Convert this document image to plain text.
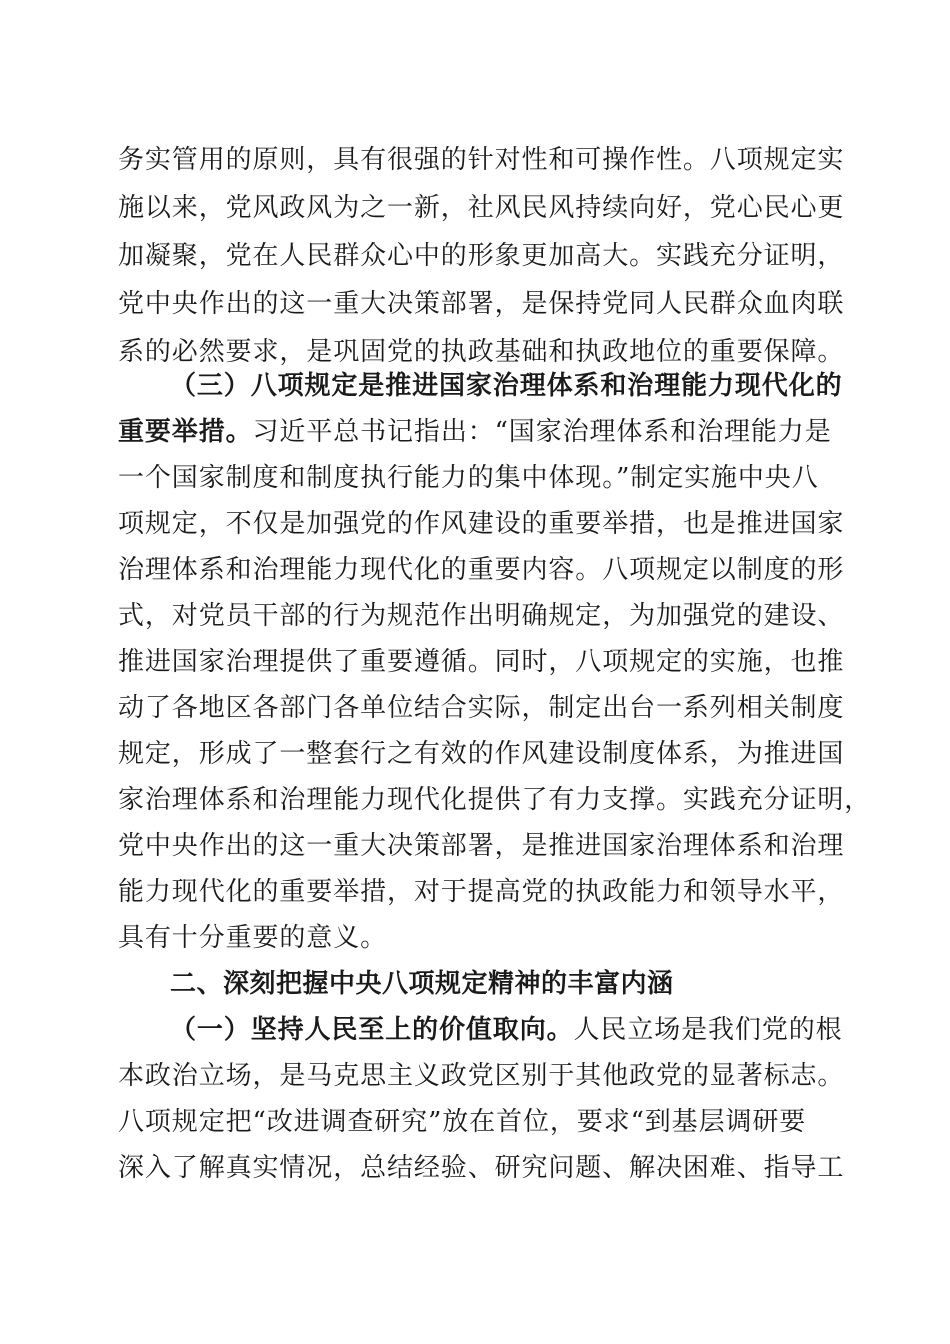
务实管用的原则，具有很强的针对性和可操作性。八项规定实
施以来，党风政风为之一新，社风民风持续向好，党心民心更
加凝聚，党在人民群众心中的形象更加高大。实践充分证明，
党中央作出的这一重大决策部署，是保持党同人民群众血肉联
系的必然要求，是巩固党的执政基础和执政地位的重要保障。
（三）八项规定是推进国家治理体系和治理能力现代化的
重要举措。习近平总书记指出：“国家治理体系和治理能力是
一个国家制度和制度执行能力的集中体现。”制定实施中央八
项规定，不仅是加强党的作风建设的重要举措，也是推进国家
治理体系和治理能力现代化的重要内容。八项规定以制度的形
式，对党员干部的行为规范作出明确规定，为加强党的建设、
推进国家治理提供了重要遵循。同时，八项规定的实施，也推
动了各地区各部门各单位结合实际，制定出台一系列相关制度
规定，形成了一整套行之有效的作风建设制度体系，为推进国
家治理体系和治理能力现代化提供了有力支撑。实践充分证明，
党中央作出的这一重大决策部署，是推进国家治理体系和治理
能力现代化的重要举措，对于提高党的执政能力和领导水平，
具有十分重要的意义。
二、深刻把握中央八项规定精神的丰富内涵
（一）坚持人民至上的价值取向。人民立场是我们党的根
本政治立场，是马克思主义政党区别于其他政党的显著标志。
八项规定把“改进调查研究”放在首位，要求“到基层调研要
深入了解真实情况，总结经验、研究问题、解决困难、指导工
